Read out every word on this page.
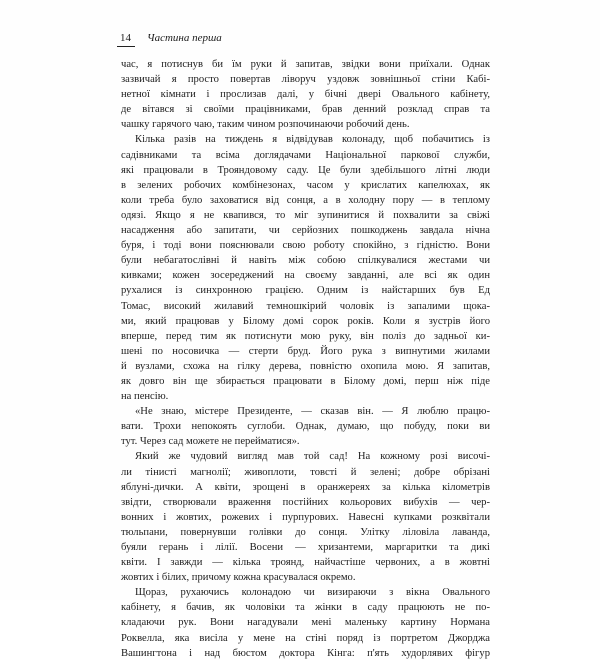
14	Частина перша

час, я потиснув би їм руки й запитав, звідки вони приїхали. Однак
зазвичай я просто повертав ліворуч уздовж зовнішньої стіни Кабі-
нетної кімнати і прослизав далі, у бічні двері Овального кабінету,
де вітався зі своїми працівниками, брав денний розклад справ та
чашку гарячого чаю, таким чином розпочинаючи робочий день.

Кілька разів на тиждень я відвідував колонаду, щоб побачитись із
садівниками та всіма доглядачами Національної паркової служби,
які працювали в Трояндовому саду. Це були здебільшого літні люди
в зелених робочих комбінезонах, часом у крислатих капелюхах, як
коли треба було заховатися від сонця, а в холодну пору — в теплому
одязі. Якщо я не квапився, то міг зупинитися й похвалити за свіжі
насадження або запитати, чи серйозних пошкоджень завдала нічна
буря, і тоді вони пояснювали свою роботу спокійно, з гідністю. Вони
були небагатослівні й навіть між собою спілкувалися жестами чи
кивками; кожен зосереджений на своєму завданні, але всі як один
рухалися із синхронною грацією. Одним із найстарших був Ед
Томас, високий жилавий темношкірий чоловік із запалими щока-
ми, який працював у Білому домі сорок років. Коли я зустрів його
вперше, перед тим як потиснути мою руку, він поліз до задньої ки-
шені по носовичка — стерти бруд. Його рука з випнутими жилами
й вузлами, схожа на гілку дерева, повністю охопила мою. Я запитав,
як довго він ще збирається працювати в Білому домі, перш ніж піде
на пенсію.

«Не знаю, містере Президенте, — сказав він. — Я люблю працю-
вати. Трохи непокоять суглоби. Однак, думаю, що побуду, поки ви
тут. Через сад можете не перейматися».

Який же чудовий вигляд мав той сад! На кожному розі височі-
ли тінисті магнолії; живоплоти, товсті й зелені; добре обрізані
яблуні-дички. А квіти, зрощені в оранжереях за кілька кілометрів
звідти, створювали враження постійних кольорових вибухів — чер-
вонних і жовтих, рожевих і пурпурових. Навесні купками розквітали
тюльпани, повернувши голівки до сонця. Улітку ліловіла лаванда,
буяли герань і лілії. Восени — хризантеми, маргаритки та дикі
квіти. І завжди — кілька троянд, найчастіше червоних, а в жовтні
жовтих і білих, причому кожна красувалася окремо.

Щораз, рухаючись колонадою чи визираючи з вікна Овального
кабінету, я бачив, як чоловіки та жінки в саду працюють не по-
кладаючи рук. Вони нагадували мені маленьку картину Нормана
Роквелла, яка висіла у мене на стіні поряд із портретом Джорджа
Вашингтона і над бюстом доктора Кінга: п'ять худорлявих фігур
